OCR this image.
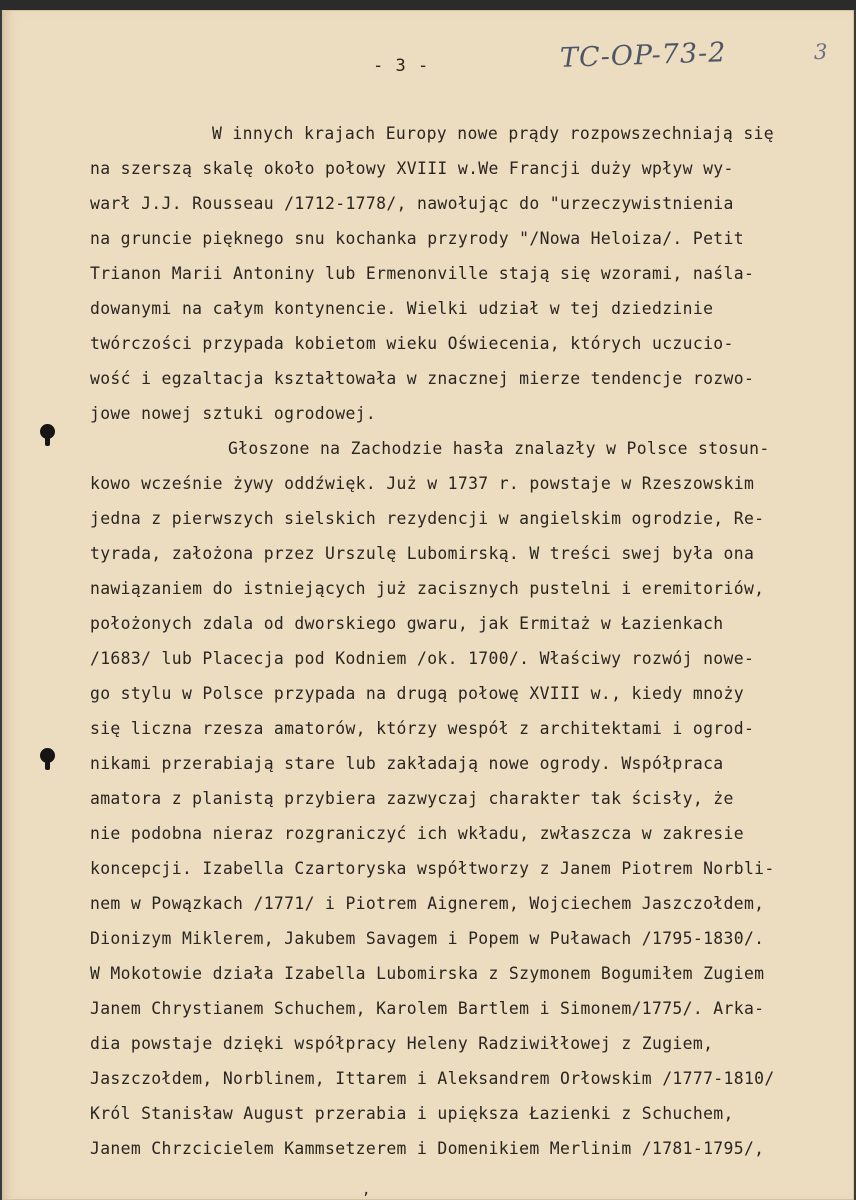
- 3 -	TC-OP-73-2	3
W innych krajach Europy nowe prądy rozpowszechniają się
na szerszą skalę około połowy XVIII w.We Francji duży wpływ wy-
warł J.J. Rousseau /1712-1778/, nawołując do "urzeczywistnienia
na gruncie pięknego snu kochanka przyrody "/Nowa Heloiza/. Petit
Trianon Marii Antoniny lub Ermenonville stają się wzorami, naśla-
dowanymi na całym kontynencie. Wielki udział w tej dziedzinie
twórczości przypada kobietom wieku Oświecenia, których uczucio-
wość i egzaltacja kształtowała w znacznej mierze tendencje rozwo-
jowe nowej sztuki ogrodowej.
Głoszone na Zachodzie hasła znalazły w Polsce stosun-
kowo wcześnie żywy oddźwięk. Już w 1737 r. powstaje w Rzeszowskim
jedna z pierwszych sielskich rezydencji w angielskim ogrodzie, Re-
tyrada, założona przez Urszulę Lubomirską. W treści swej była ona
nawiązaniem do istniejących już zacisznych pustelni i eremitoriów,
położonych zdala od dworskiego gwaru, jak Ermitaż w Łazienkach
/1683/ lub Placecja pod Kodniem /ok. 1700/. Właściwy rozwój nowe-
go stylu w Polsce przypada na drugą połowę XVIII w., kiedy mnoży
się liczna rzesza amatorów, którzy wespół z architektami i ogrod-
nikami przerabiają stare lub zakładają nowe ogrody. Współpraca
amatora z planistą przybiera zazwyczaj charakter tak ścisły, że
nie podobna nieraz rozgraniczyć ich wkładu, zwłaszcza w zakresie
koncepcji. Izabella Czartoryska współtworzy z Janem Piotrem Norbli-
nem w Powązkach /1771/ i Piotrem Aignerem, Wojciechem Jaszczołdem,
Dionizym Miklerem, Jakubem Savagem i Popem w Puławach /1795-1830/.
W Mokotowie działa Izabella Lubomirska z Szymonem Bogumiłem Zugiem
Janem Chrystianem Schuchem, Karolem Bartlem i Simonem/1775/. Arka-
dia powstaje dzięki współpracy Heleny Radziwiłłowej z Zugiem,
Jaszczołdem, Norblinem, Ittarem i Aleksandrem Orłowskim /1777-1810/
Król Stanisław August przerabia i upiększa Łazienki z Schuchem,
Janem Chrzcicielem Kammsetzerem i Domenikiem Merlinim /1781-1795/,
,
